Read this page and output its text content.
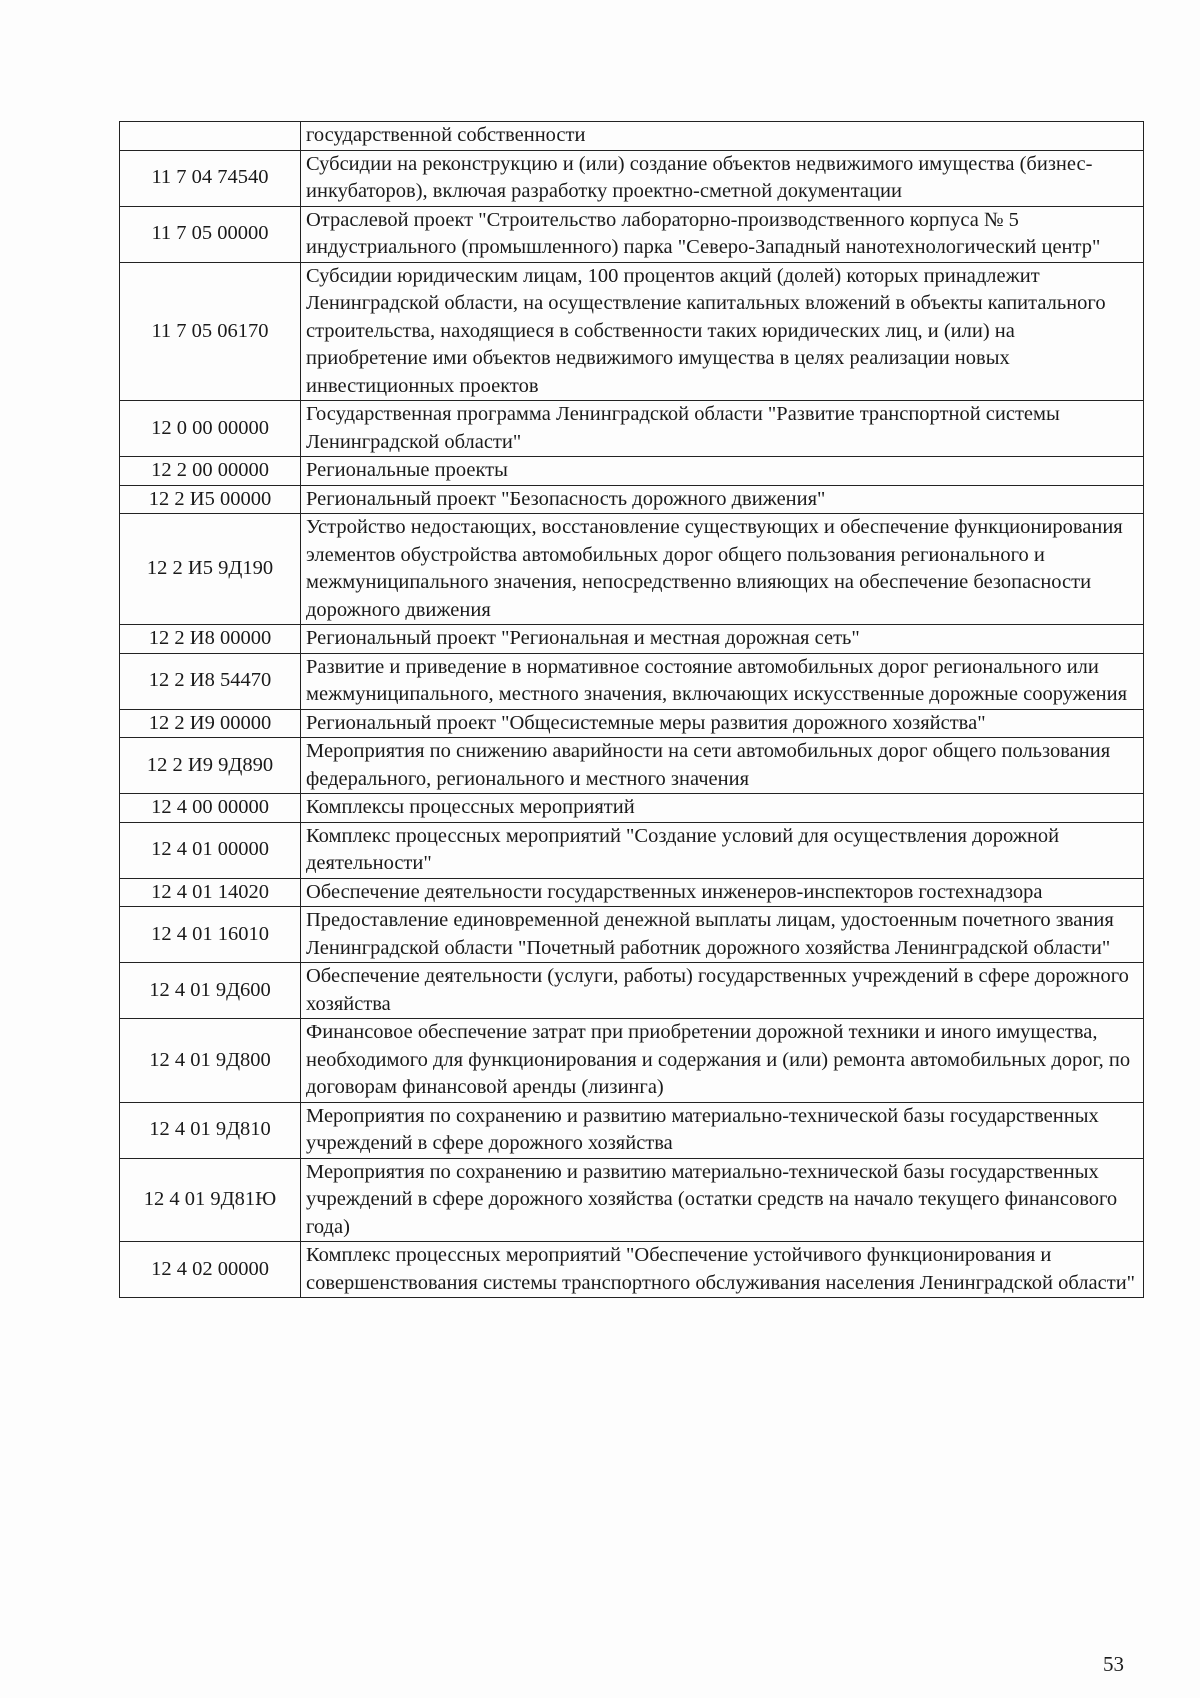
	государственной собственности
11 7 04 74540	Субсидии на реконструкцию и (или) создание объектов недвижимого имущества (бизнес-инкубаторов), включая разработку проектно-сметной документации
11 7 05 00000	Отраслевой проект "Строительство лабораторно-производственного корпуса № 5 индустриального (промышленного) парка "Северо-Западный нанотехнологический центр"
11 7 05 06170	Субсидии юридическим лицам, 100 процентов акций (долей) которых принадлежит Ленинградской области, на осуществление капитальных вложений в объекты капитального строительства, находящиеся в собственности таких юридических лиц, и (или) на приобретение ими объектов недвижимого имущества в целях реализации новых инвестиционных проектов
12 0 00 00000	Государственная программа Ленинградской области "Развитие транспортной системы Ленинградской области"
12 2 00 00000	Региональные проекты
12 2 И5 00000	Региональный проект "Безопасность дорожного движения"
12 2 И5 9Д190	Устройство недостающих, восстановление существующих и обеспечение функционирования элементов обустройства автомобильных дорог общего пользования регионального и межмуниципального значения, непосредственно влияющих на обеспечение безопасности дорожного движения
12 2 И8 00000	Региональный проект "Региональная и местная дорожная сеть"
12 2 И8 54470	Развитие и приведение в нормативное состояние автомобильных дорог регионального или межмуниципального, местного значения, включающих искусственные дорожные сооружения
12 2 И9 00000	Региональный проект "Общесистемные меры развития дорожного хозяйства"
12 2 И9 9Д890	Мероприятия по снижению аварийности на сети автомобильных дорог общего пользования федерального, регионального и местного значения
12 4 00 00000	Комплексы процессных мероприятий
12 4 01 00000	Комплекс процессных мероприятий "Создание условий для осуществления дорожной деятельности"
12 4 01 14020	Обеспечение деятельности государственных инженеров-инспекторов гостехнадзора
12 4 01 16010	Предоставление единовременной денежной выплаты лицам, удостоенным почетного звания Ленинградской области "Почетный работник дорожного хозяйства Ленинградской области"
12 4 01 9Д600	Обеспечение деятельности (услуги, работы) государственных учреждений в сфере дорожного хозяйства
12 4 01 9Д800	Финансовое обеспечение затрат при приобретении дорожной техники и иного имущества, необходимого для функционирования и содержания и (или) ремонта автомобильных дорог, по договорам финансовой аренды (лизинга)
12 4 01 9Д810	Мероприятия по сохранению и развитию материально-технической базы государственных учреждений в сфере дорожного хозяйства
12 4 01 9Д81Ю	Мероприятия по сохранению и развитию материально-технической базы государственных учреждений в сфере дорожного хозяйства (остатки средств на начало текущего финансового года)
12 4 02 00000	Комплекс процессных мероприятий "Обеспечение устойчивого функционирования и совершенствования системы транспортного обслуживания населения Ленинградской области"
53
